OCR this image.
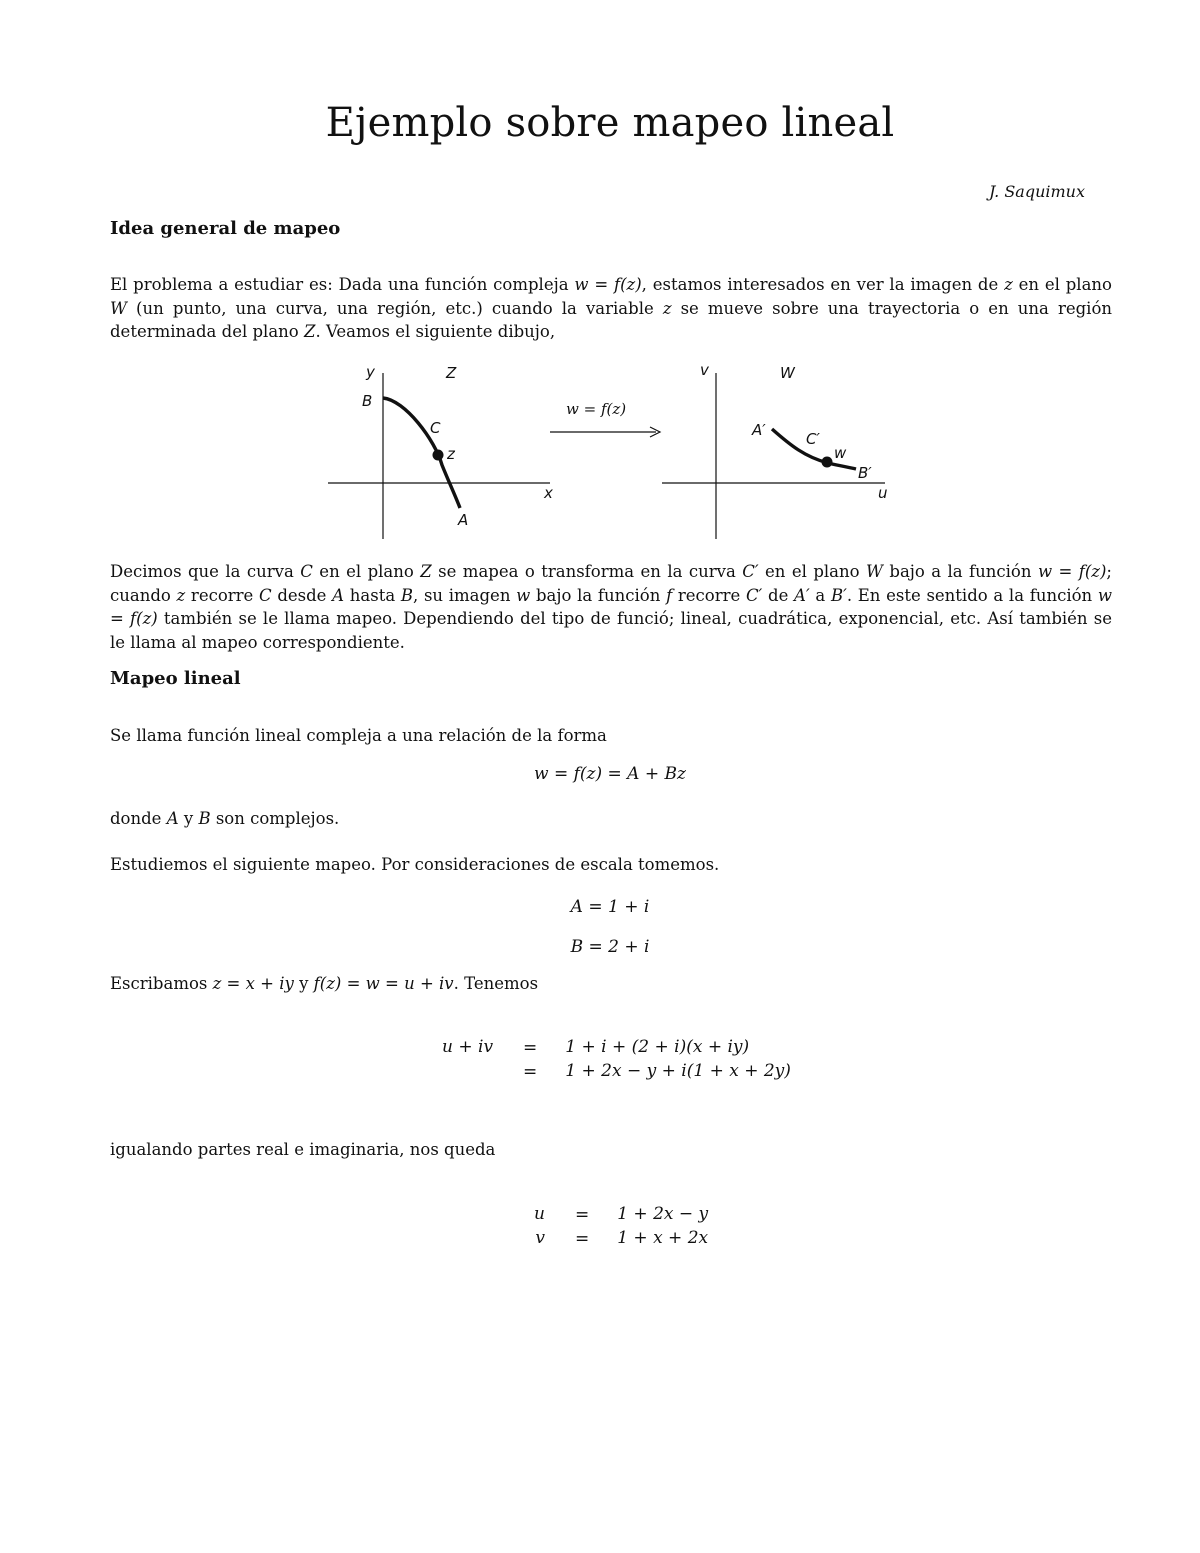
Ejemplo sobre mapeo lineal
J. Saquimux
Idea general de mapeo

El problema a estudiar es: Dada una función compleja w = f(z), estamos interesados en ver la imagen de z en el plano W (un punto, una curva, una región, etc.) cuando la variable z se mueve sobre una trayectoria o en una región determinada del plano Z. Veamos el siguiente dibujo,

y	Z
B
C
z
x
A
w = f(z)
v	W
A′	C′
w
B′
u

Decimos que la curva C en el plano Z se mapea o transforma en la curva C′ en el plano W bajo a la función w = f(z); cuando z recorre C desde A hasta B, su imagen w bajo la función f recorre C′ de A′ a B′. En este sentido a la función w = f(z) también se le llama mapeo. Dependiendo del tipo de funció; lineal, cuadrática, exponencial, etc. Así también se le llama al mapeo correspondiente.

Mapeo lineal

Se llama función lineal compleja a una relación de la forma

w = f(z) = A + Bz

donde A y B son complejos.

Estudiemos el siguiente mapeo. Por consideraciones de escala tomemos.

A = 1 + i
B = 2 + i

Escribamos z = x + iy y f(z) = w = u + iv. Tenemos

u + iv	=	1 + i + (2 + i)(x + iy)
	=	1 + 2x − y + i(1 + x + 2y)

igualando partes real e imaginaria, nos queda

u	=	1 + 2x − y
v	=	1 + x + 2x
